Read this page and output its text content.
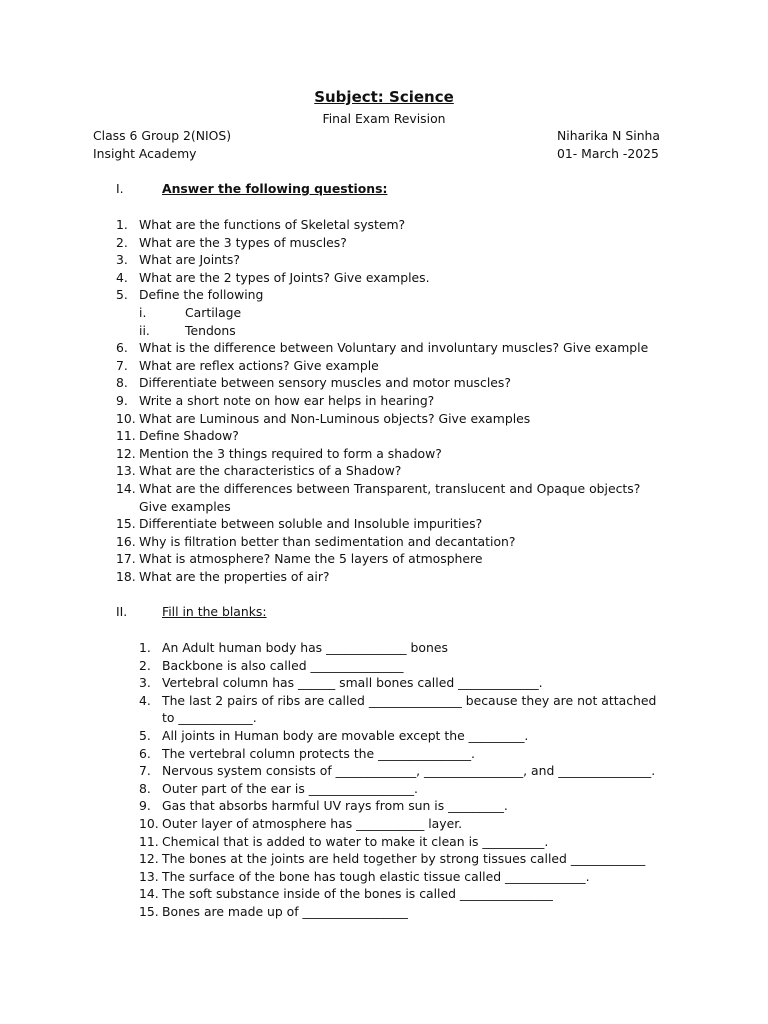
Subject: Science
Final Exam Revision
Class 6 Group 2(NIOS)	Niharika N Sinha
Insight Academy	01- March -2025
I.	Answer the following questions:
1. What are the functions of Skeletal system?
2. What are the 3 types of muscles?
3. What are Joints?
4. What are the 2 types of Joints? Give examples.
5. Define the following
i.	Cartilage
ii.	Tendons
6. What is the difference between Voluntary and involuntary muscles? Give example
7. What are reflex actions? Give example
8. Differentiate between sensory muscles and motor muscles?
9. Write a short note on how ear helps in hearing?
10.
What are Luminous and Non-Luminous objects? Give examples
11.
Define Shadow?
12.
Mention the 3 things required to form a shadow?
13.
What are the characteristics of a Shadow?
14.
What are the differences between Transparent, translucent and Opaque objects? Give examples
15.
Differentiate between soluble and Insoluble impurities?
16.
Why is filtration better than sedimentation and decantation?
17.
What is atmosphere? Name the 5 layers of atmosphere
18.
What are the properties of air?
II.	Fill in the blanks:
1. An Adult human body has _____________ bones
2. Backbone is also called _______________
3. Vertebral column has ______ small bones called _____________.
4. The last 2 pairs of ribs are called _______________ because they are not attached to ____________.
5. All joints in Human body are movable except the _________.
6. The vertebral column protects the _______________.
7. Nervous system consists of _____________, ________________, and _______________.
8. Outer part of the ear is _________________.
9. Gas that absorbs harmful UV rays from sun is _________.
10.
Outer layer of atmosphere has ___________ layer.
11.
Chemical that is added to water to make it clean is __________.
12.
The bones at the joints are held together by strong tissues called ____________
13.
The surface of the bone has tough elastic tissue called _____________.
14.
The soft substance inside of the bones is called _______________
15.
Bones are made up of _________________
